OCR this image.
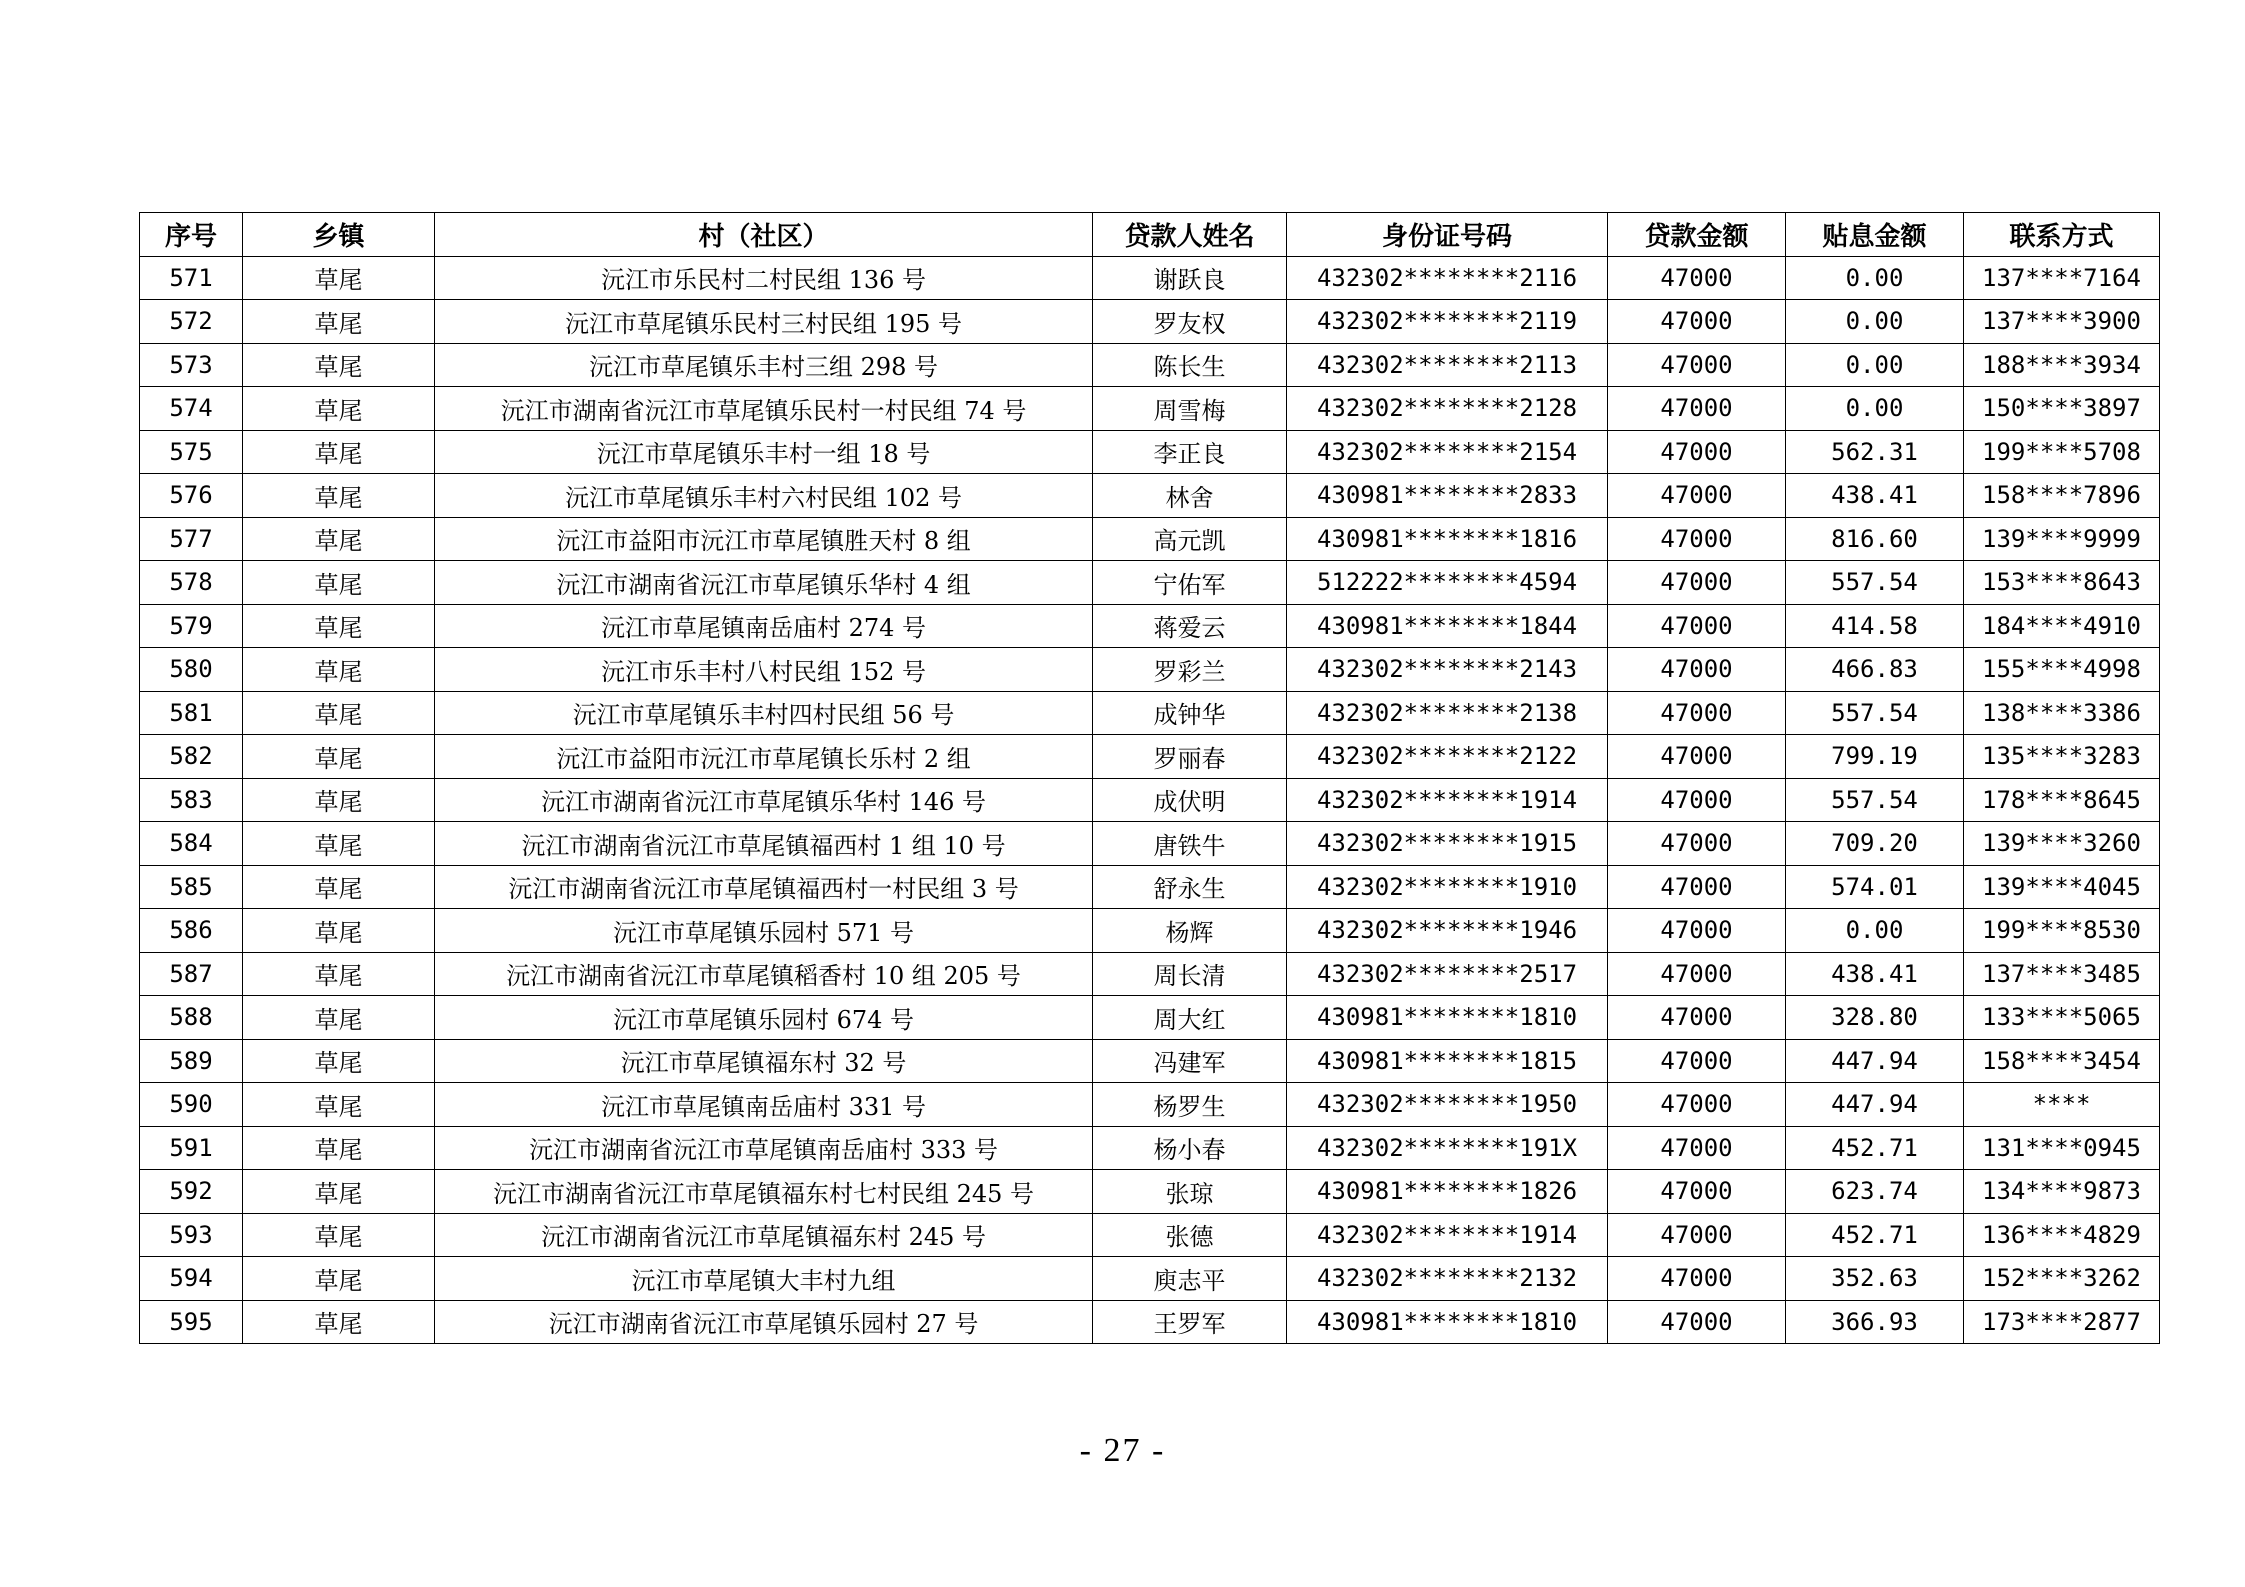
序号	乡镇	村（社区）	贷款人姓名	身份证号码	贷款金额	贴息金额	联系方式
571	草尾	沅江市乐民村二村民组 136 号	谢跃良	432302********2116	47000	0.00	137****7164
572	草尾	沅江市草尾镇乐民村三村民组 195 号	罗友权	432302********2119	47000	0.00	137****3900
573	草尾	沅江市草尾镇乐丰村三组 298 号	陈长生	432302********2113	47000	0.00	188****3934
574	草尾	沅江市湖南省沅江市草尾镇乐民村一村民组 74 号	周雪梅	432302********2128	47000	0.00	150****3897
575	草尾	沅江市草尾镇乐丰村一组 18 号	李正良	432302********2154	47000	562.31	199****5708
576	草尾	沅江市草尾镇乐丰村六村民组 102 号	林舍	430981********2833	47000	438.41	158****7896
577	草尾	沅江市益阳市沅江市草尾镇胜天村 8 组	高元凯	430981********1816	47000	816.60	139****9999
578	草尾	沅江市湖南省沅江市草尾镇乐华村 4 组	宁佑军	512222********4594	47000	557.54	153****8643
579	草尾	沅江市草尾镇南岳庙村 274 号	蒋爱云	430981********1844	47000	414.58	184****4910
580	草尾	沅江市乐丰村八村民组 152 号	罗彩兰	432302********2143	47000	466.83	155****4998
581	草尾	沅江市草尾镇乐丰村四村民组 56 号	成钟华	432302********2138	47000	557.54	138****3386
582	草尾	沅江市益阳市沅江市草尾镇长乐村 2 组	罗丽春	432302********2122	47000	799.19	135****3283
583	草尾	沅江市湖南省沅江市草尾镇乐华村 146 号	成伏明	432302********1914	47000	557.54	178****8645
584	草尾	沅江市湖南省沅江市草尾镇福西村 1 组 10 号	唐铁牛	432302********1915	47000	709.20	139****3260
585	草尾	沅江市湖南省沅江市草尾镇福西村一村民组 3 号	舒永生	432302********1910	47000	574.01	139****4045
586	草尾	沅江市草尾镇乐园村 571 号	杨辉	432302********1946	47000	0.00	199****8530
587	草尾	沅江市湖南省沅江市草尾镇稻香村 10 组 205 号	周长清	432302********2517	47000	438.41	137****3485
588	草尾	沅江市草尾镇乐园村 674 号	周大红	430981********1810	47000	328.80	133****5065
589	草尾	沅江市草尾镇福东村 32 号	冯建军	430981********1815	47000	447.94	158****3454
590	草尾	沅江市草尾镇南岳庙村 331 号	杨罗生	432302********1950	47000	447.94	****
591	草尾	沅江市湖南省沅江市草尾镇南岳庙村 333 号	杨小春	432302********191X	47000	452.71	131****0945
592	草尾	沅江市湖南省沅江市草尾镇福东村七村民组 245 号	张琼	430981********1826	47000	623.74	134****9873
593	草尾	沅江市湖南省沅江市草尾镇福东村 245 号	张德	432302********1914	47000	452.71	136****4829
594	草尾	沅江市草尾镇大丰村九组	庾志平	432302********2132	47000	352.63	152****3262
595	草尾	沅江市湖南省沅江市草尾镇乐园村 27 号	王罗军	430981********1810	47000	366.93	173****2877
- 27 -
